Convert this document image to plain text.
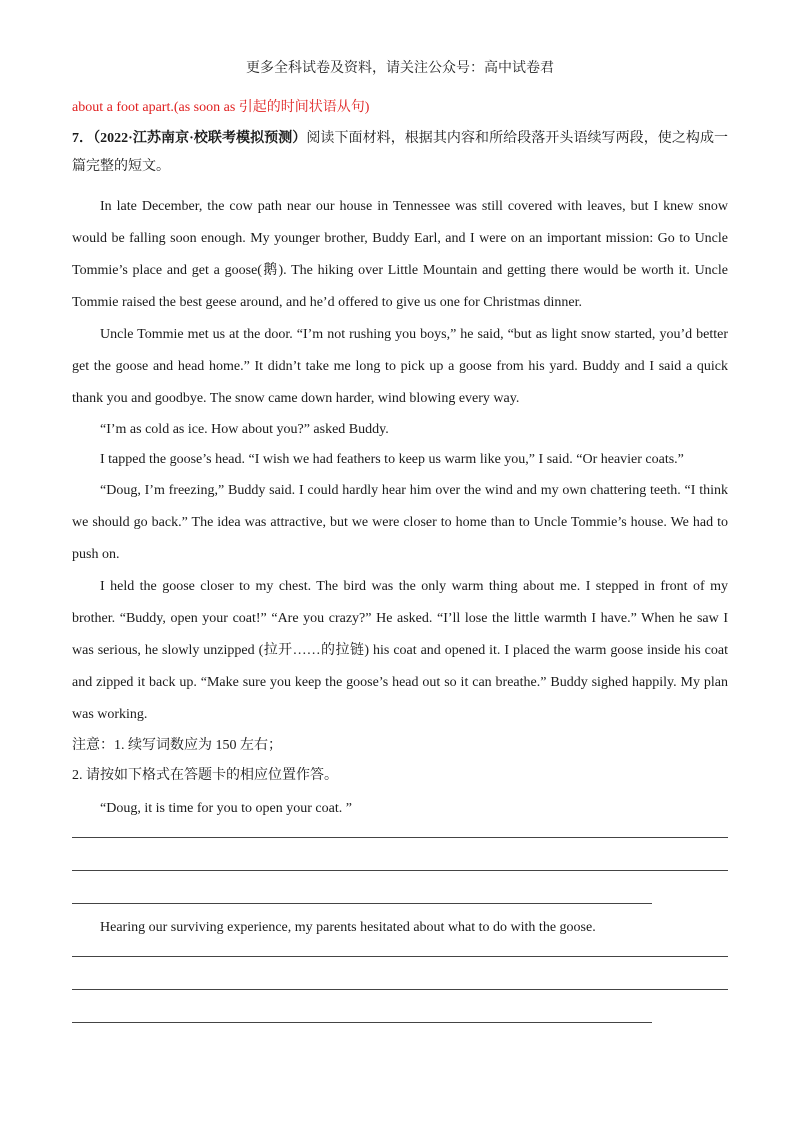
更多全科试卷及资料，请关注公众号：高中试卷君

about a foot apart.(as soon as 引起的时间状语从句)

7．（2022·江苏南京·校联考模拟预测）阅读下面材料，根据其内容和所给段落开头语续写两段，使之构成一篇完整的短文。

In late December, the cow path near our house in Tennessee was still covered with leaves, but I knew snow would be falling soon enough. My younger brother, Buddy Earl, and I were on an important mission: Go to Uncle Tommie’s place and get a goose(鹅). The hiking over Little Mountain and getting there would be worth it. Uncle Tommie raised the best geese around, and he’d offered to give us one for Christmas dinner.

Uncle Tommie met us at the door. “I’m not rushing you boys,” he said, “but as light snow started, you’d better get the goose and head home.” It didn’t take me long to pick up a goose from his yard. Buddy and I said a quick thank you and goodbye. The snow came down harder, wind blowing every way.

“I’m as cold as ice. How about you?” asked Buddy.

I tapped the goose’s head. “I wish we had feathers to keep us warm like you,” I said. “Or heavier coats.”

“Doug, I’m freezing,” Buddy said. I could hardly hear him over the wind and my own chattering teeth. “I think we should go back.” The idea was attractive, but we were closer to home than to Uncle Tommie’s house. We had to push on.

I held the goose closer to my chest. The bird was the only warm thing about me. I stepped in front of my brother. “Buddy, open your coat!” “Are you crazy?” He asked. “I’ll lose the little warmth I have.” When he saw I was serious, he slowly unzipped (拉开……的拉链) his coat and opened it. I placed the warm goose inside his coat and zipped it back up. “Make sure you keep the goose’s head out so it can breathe.” Buddy sighed happily. My plan was working.

注意：1. 续写词数应为 150 左右；

2. 请按如下格式在答题卡的相应位置作答。

“Doug, it is time for you to open your coat. ”

Hearing our surviving experience, my parents hesitated about what to do with the goose.
